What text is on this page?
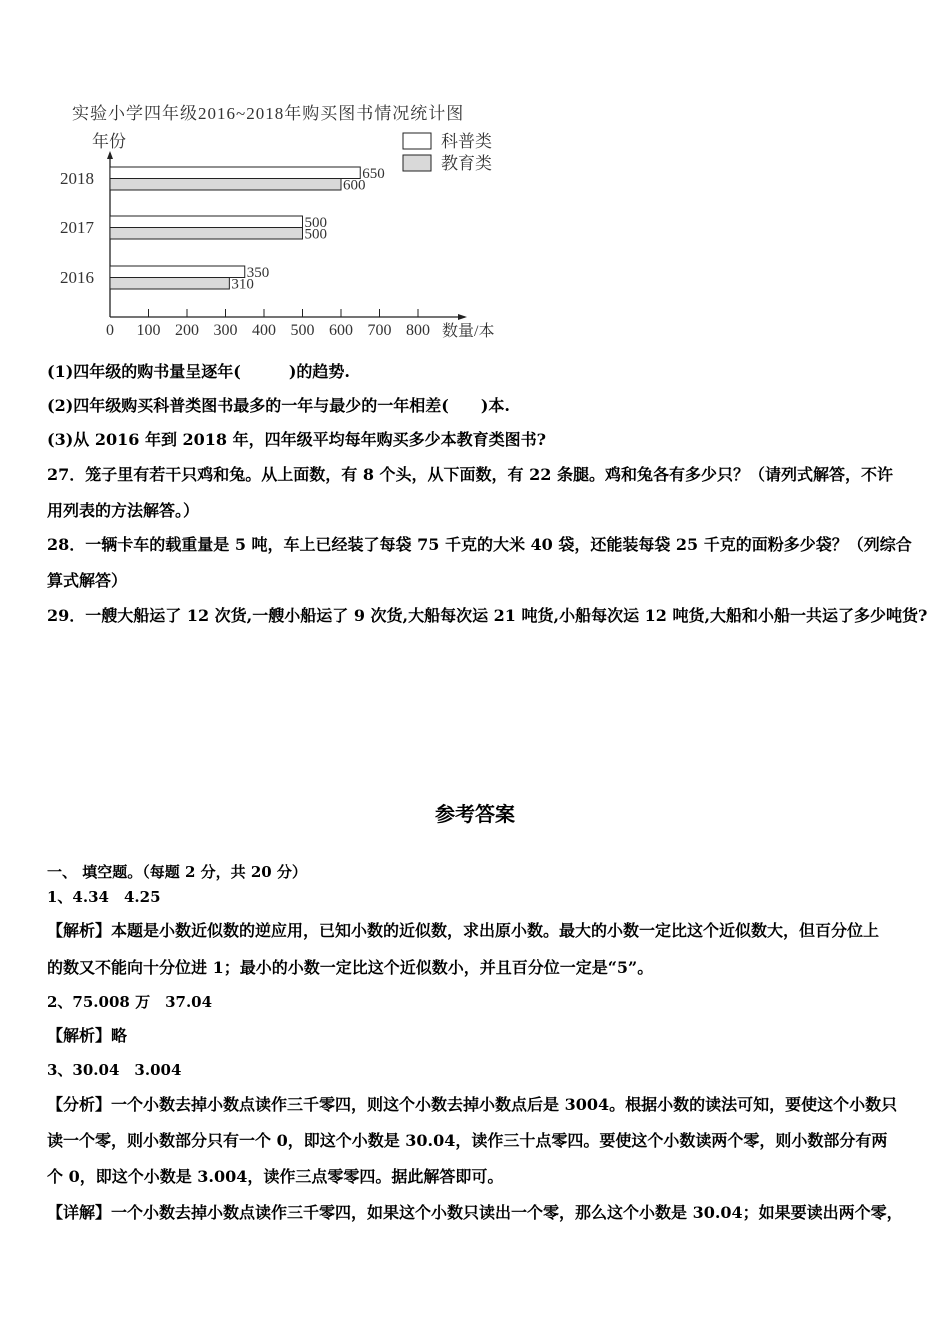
实验小学四年级2016~2018年购买图书情况统计图
年份
数量/本
0 100 200 300 400 500 600 700 800
科普类
教育类
2018	650
600
2017	500
500
2016	350
310
(1)四年级的购书量呈逐年(　　　)的趋势.
(2)四年级购买科普类图书最多的一年与最少的一年相差(　　)本.
(3)从 2016 年到 2018 年，四年级平均每年购买多少本教育类图书?
27．笼子里有若干只鸡和兔。从上面数，有 8 个头，从下面数，有 22 条腿。鸡和兔各有多少只？（请列式解答，不许
用列表的方法解答。）
28．一辆卡车的载重量是 5 吨，车上已经装了每袋 75 千克的大米 40 袋，还能装每袋 25 千克的面粉多少袋？（列综合
算式解答）
29．一艘大船运了 12 次货,一艘小船运了 9 次货,大船每次运 21 吨货,小船每次运 12 吨货,大船和小船一共运了多少吨货?
参考答案
一、 填空题。（每题 2 分，共 20 分）
1、4.34　4.25
【解析】本题是小数近似数的逆应用，已知小数的近似数，求出原小数。最大的小数一定比这个近似数大，但百分位上
的数又不能向十分位进 1；最小的小数一定比这个近似数小，并且百分位一定是“5”。
2、75.008 万　37.04
【解析】略
3、30.04　3.004
【分析】一个小数去掉小数点读作三千零四，则这个小数去掉小数点后是 3004。根据小数的读法可知，要使这个小数只
读一个零，则小数部分只有一个 0，即这个小数是 30.04，读作三十点零四。要使这个小数读两个零，则小数部分有两
个 0，即这个小数是 3.004，读作三点零零四。据此解答即可。
【详解】一个小数去掉小数点读作三千零四，如果这个小数只读出一个零，那么这个小数是 30.04；如果要读出两个零，
